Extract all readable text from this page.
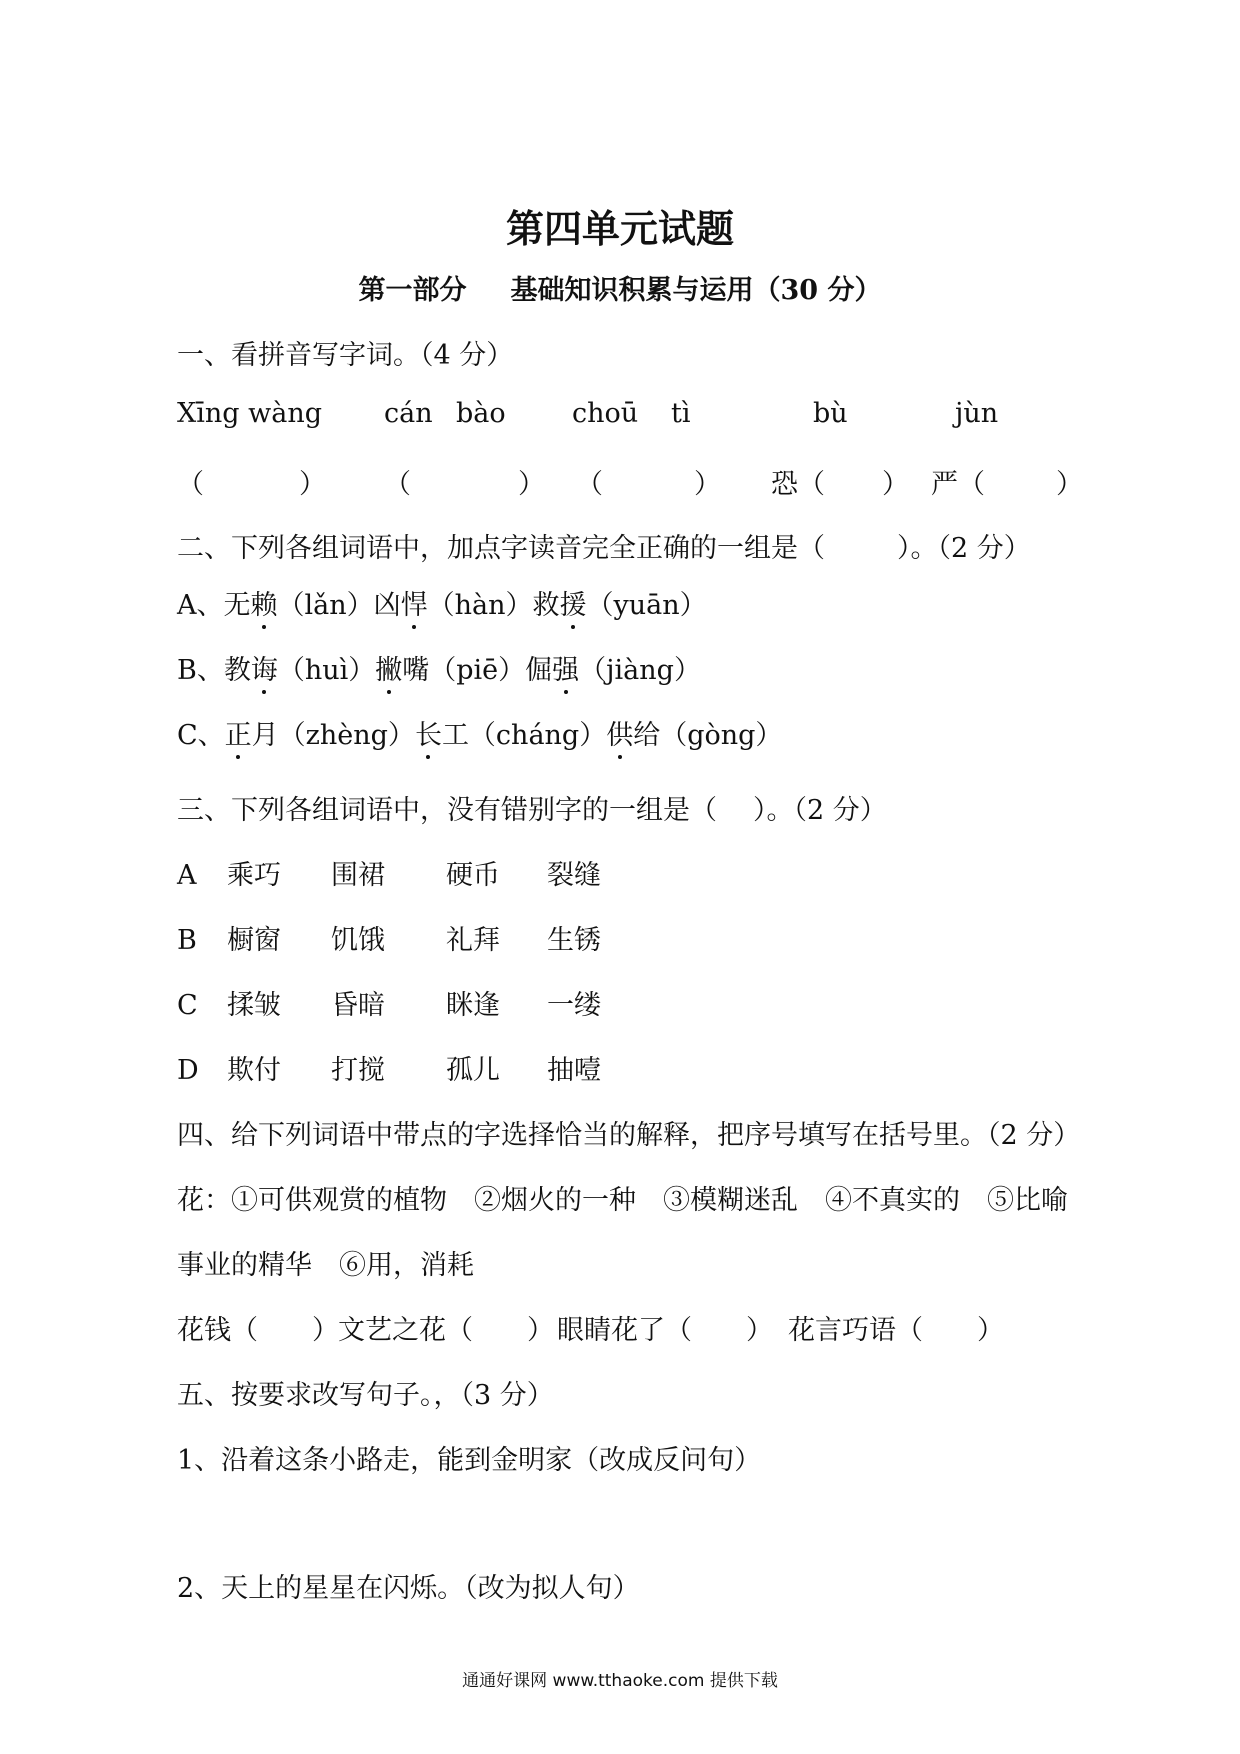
第四单元试题
第一部分 基础知识积累与运用（30 分）
一、看拼音写字词。（4 分）
Xīng wàng cán bào choū tì	bù	jùn
（	） （	） （	） 恐（ ） 严（	）
二、下列各组词语中，加点字读音完全正确的一组是（	）。（2 分）
A、无赖（lǎn）凶悍（hàn）救援（yuān）
B、教诲（huì）撇嘴（piē）倔强（jiàng）
C、正月（zhèng）长工（cháng）供给（gòng）
三、下列各组词语中，没有错别字的一组是（ ）。（2 分）
A 乘巧 围裙 硬币 裂缝
B 橱窗 饥饿 礼拜 生锈
C 揉皱 昏暗 眯逢 一缕
D 欺付 打搅 孤儿 抽噎
四、给下列词语中带点的字选择恰当的解释，把序号填写在括号里。（2 分）
花：①可供观赏的植物　②烟火的一种　③模糊迷乱　④不真实的　⑤比喻
事业的精华　⑥用，消耗
花钱（　　）文艺之花（　　） 眼睛花了（　　） 花言巧语（　　）
五、按要求改写句子。，（3 分）
1、沿着这条小路走，能到金明家（改成反问句）
2、天上的星星在闪烁。（改为拟人句）
通通好课网 www.tthaoke.com 提供下载
